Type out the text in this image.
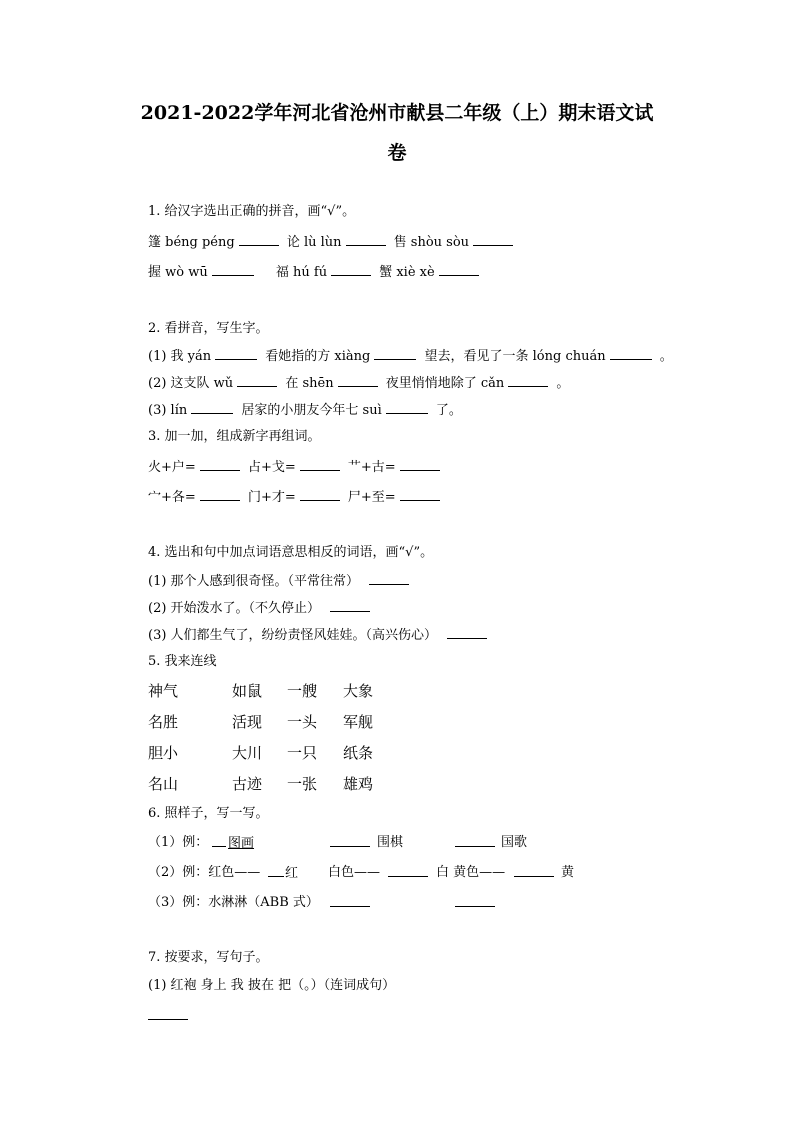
2021-2022学年河北省沧州市献县二年级（上）期末语文试
卷
1. 给汉字选出正确的拼音，画“√”。
篷 béng péng	论 lù lùn	售 shòu sòu
握 wò wū	福 hú fú	蟹 xiè xè
2. 看拼音，写生字。
(1) 我 yán	看她指的方 xiàng	望去，看见了一条 lóng chuán	。
(2) 这支队 wǔ	在 shēn	夜里悄悄地除了 cǎn	。
(3) lín	居家的小朋友今年七 suì	了。
3. 加一加，组成新字再组词。
火+户=	占+戈=	艹+古=
宀+各=	门+才=	尸+至=
4. 选出和句中加点词语意思相反的词语，画“√”。
(1) 那个人感到很奇怪。（平常往常）
(2) 开始泼水了。（不久停止）
(3) 人们都生气了，纷纷责怪风娃娃。（高兴伤心）
5. 我来连线
神气	如鼠 一艘 大象
名胜	活现 一头 军舰
胆小	大川 一只 纸条
名山	古迹 一张 雄鸡
6. 照样子，写一写。
（1）例：	图画	围棋	国歌
（2）例：红色——	红 白色——	白 黄色——	黄
（3）例：水淋淋（ABB 式）
7. 按要求，写句子。
(1) 红袍 身上 我 披在 把（。）（连词成句）
